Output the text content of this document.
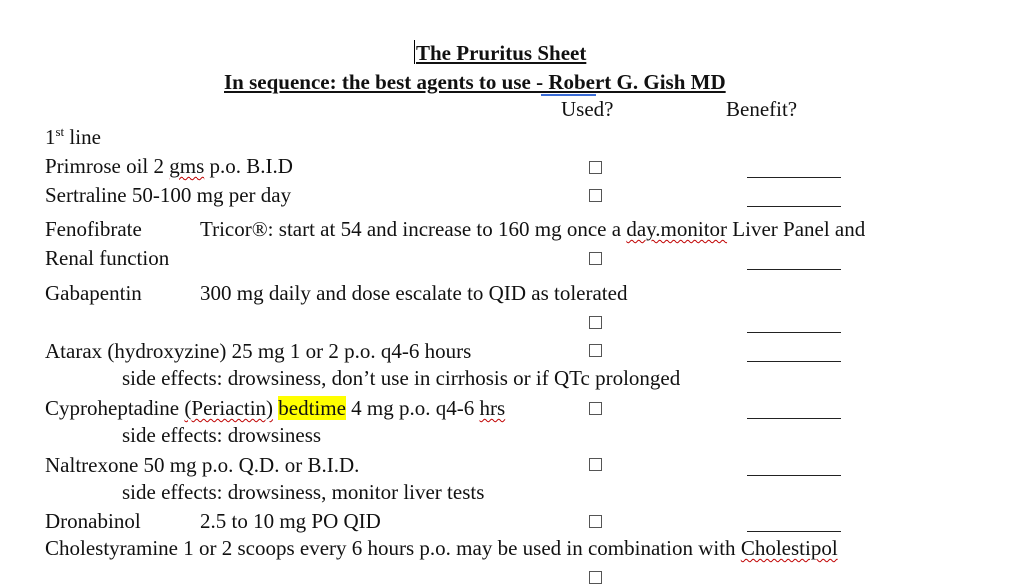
The Pruritus Sheet
In sequence: the best agents to use - Robert G. Gish MD
Used?	Benefit?
1st line
Primrose oil 2 gms p.o. B.I.D
Sertraline 50-100 mg per day
Fenofibrate	Tricor®: start at 54 and increase to 160 mg once a day.monitor Liver Panel and
Renal function
Gabapentin	300 mg daily and dose escalate to QID as tolerated
Atarax (hydroxyzine) 25 mg 1 or 2 p.o. q4-6 hours
side effects: drowsiness, don’t use in cirrhosis or if QTc prolonged
Cyproheptadine (Periactin) bedtime 4 mg p.o. q4-6 hrs
side effects: drowsiness
Naltrexone 50 mg p.o. Q.D. or B.I.D.
side effects: drowsiness, monitor liver tests
Dronabinol	2.5 to 10 mg PO QID
Cholestyramine 1 or 2 scoops every 6 hours p.o. may be used in combination with Cholestipol
